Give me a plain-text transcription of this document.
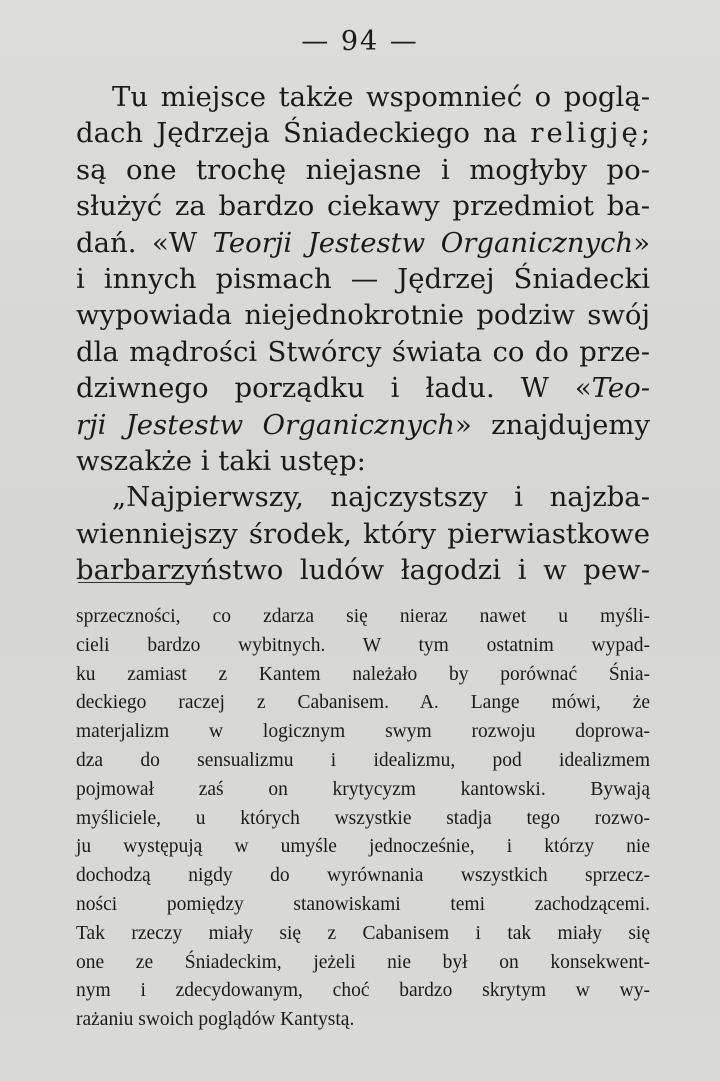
— 94 —
Tu miejsce także wspomnieć o poglą-
dach Jędrzeja Śniadeckiego na religję;
są one trochę niejasne i mogłyby po-
służyć za bardzo ciekawy przedmiot ba-
dań. «W Teorji Jestestw Organicznych»
i innych pismach — Jędrzej Śniadecki
wypowiada niejednokrotnie podziw swój
dla mądrości Stwórcy świata co do prze-
dziwnego porządku i ładu. W «Teo-
rji Jestestw Organicznych» znajdujemy
wszakże i taki ustęp:
„Najpierwszy, najczystszy i najzba-
wienniejszy środek, który pierwiastkowe
barbarzyństwo ludów łagodzi i w pew-
sprzeczności, co zdarza się nieraz nawet u myśli-
cieli bardzo wybitnych. W tym ostatnim wypad-
ku zamiast z Kantem należało by porównać Śnia-
deckiego raczej z Cabanisem. A. Lange mówi, że
materjalizm w logicznym swym rozwoju doprowa-
dza do sensualizmu i idealizmu, pod idealizmem
pojmował zaś on krytycyzm kantowski. Bywają
myśliciele, u których wszystkie stadja tego rozwo-
ju występują w umyśle jednocześnie, i którzy nie
dochodzą nigdy do wyrównania wszystkich sprzecz-
ności pomiędzy stanowiskami temi zachodzącemi.
Tak rzeczy miały się z Cabanisem i tak miały się
one ze Śniadeckim, jeżeli nie był on konsekwent-
nym i zdecydowanym, choć bardzo skrytym w wy-
rażaniu swoich poglądów Kantystą.
